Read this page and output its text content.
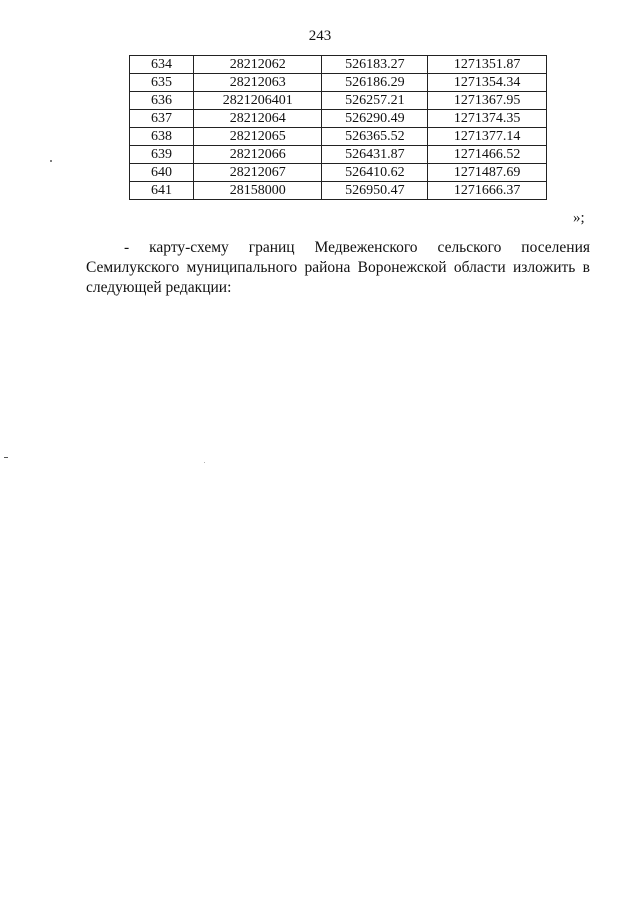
243
634	28212062	526183.27	1271351.87
635	28212063	526186.29	1271354.34
636	2821206401	526257.21	1271367.95
637	28212064	526290.49	1271374.35
638	28212065	526365.52	1271377.14
639	28212066	526431.87	1271466.52
640	28212067	526410.62	1271487.69
641	28158000	526950.47	1271666.37
»;
- карту-схему границ Медвеженского сельского поселения Семилукского муниципального района Воронежской области изложить в следующей редакции:
